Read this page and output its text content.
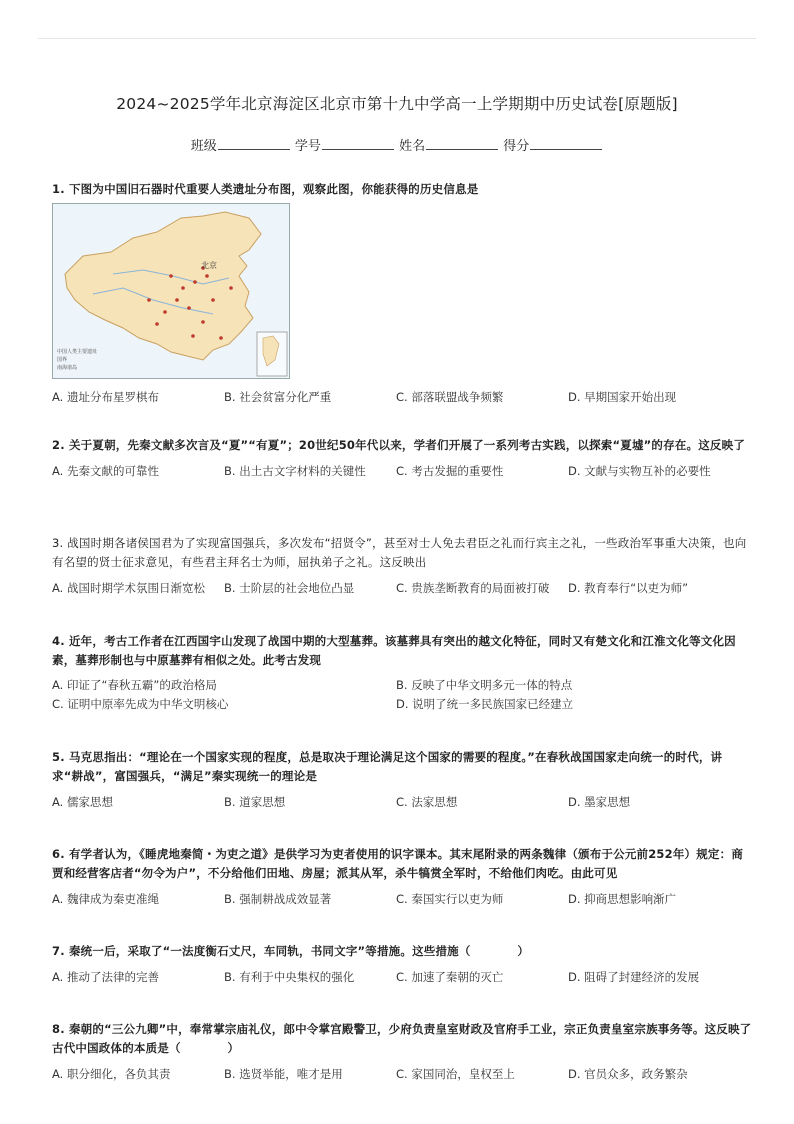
2024~2025学年北京海淀区北京市第十九中学高一上学期期中历史试卷[原题版]
班级	学号	姓名	得分
1. 下图为中国旧石器时代重要人类遗址分布图，观察此图，你能获得的历史信息是
北京
中国人类主要遗址
国界
南海诸岛
A. 遗址分布星罗棋布	B. 社会贫富分化严重	C. 部落联盟战争频繁	D. 早期国家开始出现
2. 关于夏朝，先秦文献多次言及“夏”“有夏”；20世纪50年代以来，学者们开展了一系列考古实践，以探索“夏墟”的存在。这反映了
A. 先秦文献的可靠性	B. 出土古文字材料的关键性	C. 考古发掘的重要性	D. 文献与实物互补的必要性
3. 战国时期各诸侯国君为了实现富国强兵，多次发布“招贤令”，甚至对士人免去君臣之礼而行宾主之礼，一些政治军事重大决策，也向有名望的贤士征求意见，有些君主拜名士为师，屈执弟子之礼。这反映出
A. 战国时期学术氛围日渐宽松	B. 士阶层的社会地位凸显	C. 贵族垄断教育的局面被打破	D. 教育奉行“以吏为师”
4. 近年，考古工作者在江西国宇山发现了战国中期的大型墓葬。该墓葬具有突出的越文化特征，同时又有楚文化和江淮文化等文化因素，墓葬形制也与中原墓葬有相似之处。此考古发现
A. 印证了“春秋五霸”的政治格局	B. 反映了中华文明多元一体的特点
C. 证明中原率先成为中华文明核心	D. 说明了统一多民族国家已经建立
5. 马克思指出：“理论在一个国家实现的程度，总是取决于理论满足这个国家的需要的程度。”在春秋战国国家走向统一的时代，讲求“耕战”，富国强兵，“满足”秦实现统一的理论是
A. 儒家思想	B. 道家思想	C. 法家思想	D. 墨家思想
6. 有学者认为，《睡虎地秦简・为吏之道》是供学习为吏者使用的识字课本。其末尾附录的两条魏律（颁布于公元前252年）规定：商贾和经营客店者“勿令为户”，不分给他们田地、房屋；派其从军，杀牛犒赏全军时，不给他们肉吃。由此可见
A. 魏律成为秦吏准绳	B. 强制耕战成效显著	C. 秦国实行以吏为师	D. 抑商思想影响渐广
7. 秦统一后，采取了“一法度衡石丈尺，车同轨，书同文字”等措施。这些措施（　　　　）
A. 推动了法律的完善	B. 有利于中央集权的强化	C. 加速了秦朝的灭亡	D. 阻碍了封建经济的发展
8. 秦朝的“三公九卿”中，奉常掌宗庙礼仪，郎中令掌宫殿警卫，少府负责皇室财政及官府手工业，宗正负责皇室宗族事务等。这反映了古代中国政体的本质是（　　　　）
A. 职分细化，各负其责	B. 选贤举能，唯才是用	C. 家国同治，皇权至上	D. 官员众多，政务繁杂
